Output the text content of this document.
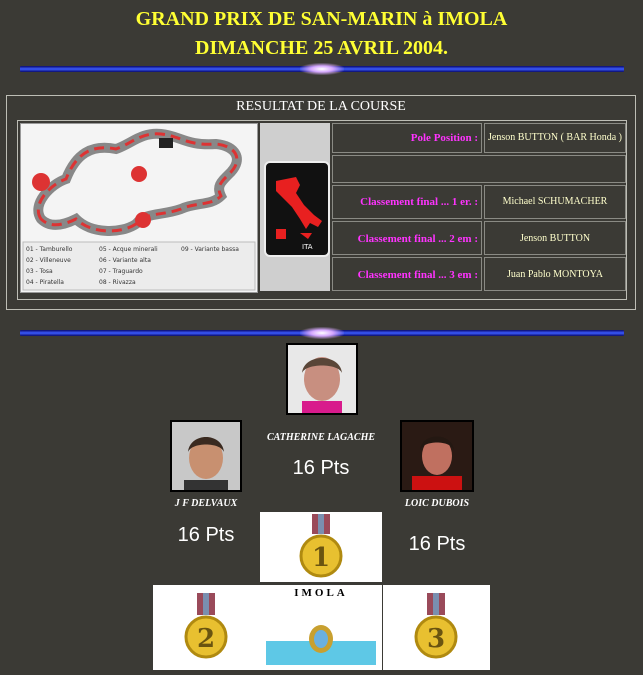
GRAND PRIX DE SAN-MARIN à IMOLA
DIMANCHE 25 AVRIL 2004.
RESULTAT DE LA COURSE
01 - Tamburello
02 - Villeneuve
03 - Tosa
04 - Piratella
05 - Acque minerali
06 - Variante alta
07 - Traguardo
08 - Rivazza
09 - Variante bassa	ITA
Pole Position :	Jenson BUTTON ( BAR Honda )
Classement final ... 1 er. :	Michael SCHUMACHER
Classement final ... 2 em :	Jenson BUTTON
Classement final ... 3 em :	Juan Pablo MONTOYA
CATHERINE LAGACHE
16 Pts
J F DELVAUX
16 Pts
LOIC DUBOIS
16 Pts
1
2
IMOLA
3
